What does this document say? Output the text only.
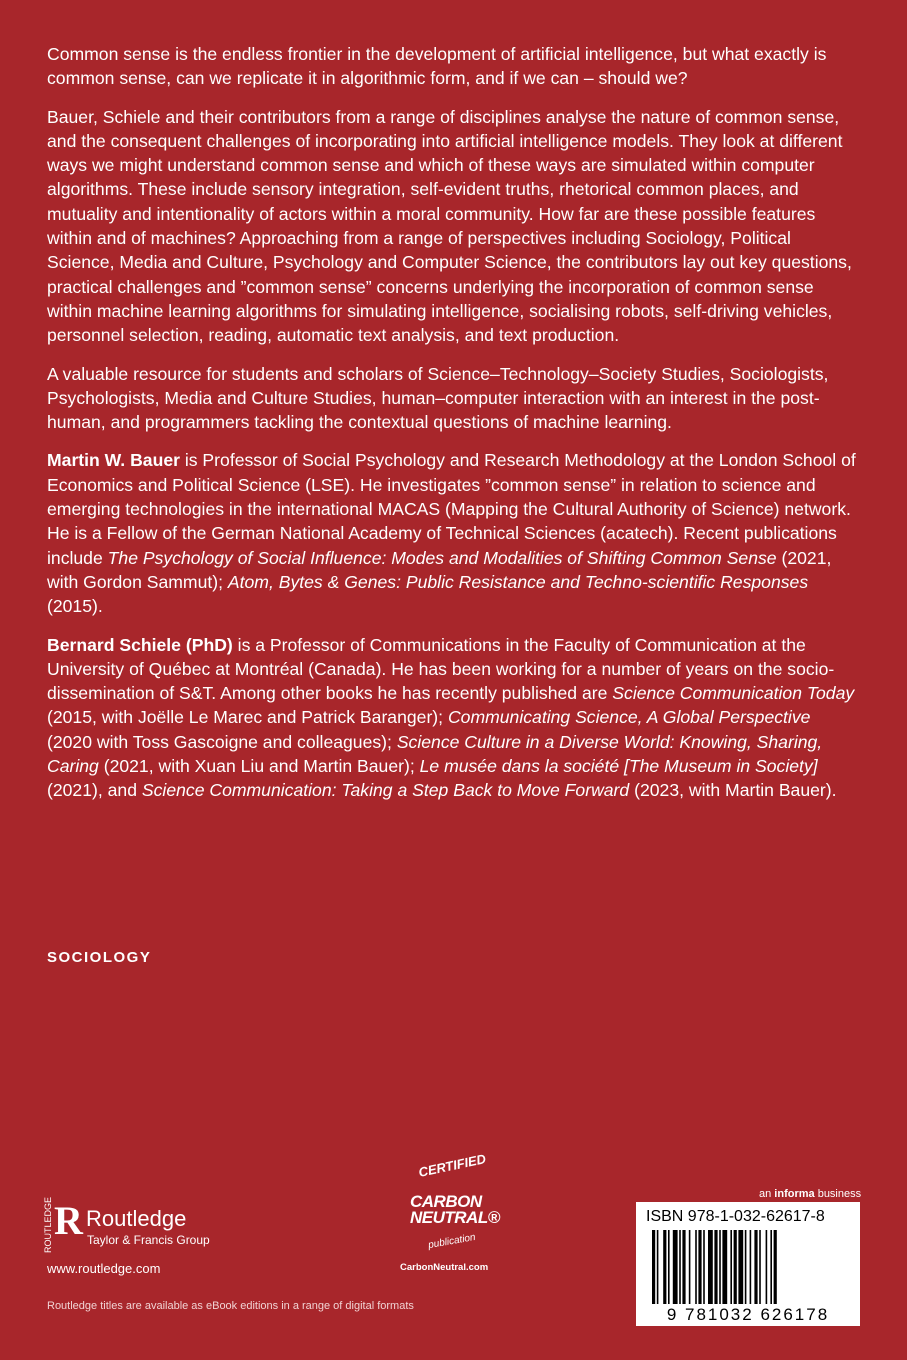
Common sense is the endless frontier in the development of artificial intelligence, but what exactly is common sense, can we replicate it in algorithmic form, and if we can – should we?

Bauer, Schiele and their contributors from a range of disciplines analyse the nature of common sense, and the consequent challenges of incorporating into artificial intelligence models. They look at different ways we might understand common sense and which of these ways are simulated within computer algorithms. These include sensory integration, self-evident truths, rhetorical common places, and mutuality and intentionality of actors within a moral community. How far are these possible features within and of machines? Approaching from a range of perspectives including Sociology, Political Science, Media and Culture, Psychology and Computer Science, the contributors lay out key questions, practical challenges and ”common sense” concerns underlying the incorporation of common sense within machine learning algorithms for simulating intelligence, socialising robots, self-driving vehicles, personnel selection, reading, automatic text analysis, and text production.

A valuable resource for students and scholars of Science–Technology–Society Studies, Sociologists, Psychologists, Media and Culture Studies, human–computer interaction with an interest in the post-human, and programmers tackling the contextual questions of machine learning.

Martin W. Bauer is Professor of Social Psychology and Research Methodology at the London School of Economics and Political Science (LSE). He investigates ”common sense” in relation to science and emerging technologies in the international MACAS (Mapping the Cultural Authority of Science) network. He is a Fellow of the German National Academy of Technical Sciences (acatech). Recent publications include The Psychology of Social Influence: Modes and Modalities of Shifting Common Sense (2021, with Gordon Sammut); Atom, Bytes & Genes: Public Resistance and Techno-scientific Responses (2015).

Bernard Schiele (PhD) is a Professor of Communications in the Faculty of Communication at the University of Québec at Montréal (Canada). He has been working for a number of years on the socio-dissemination of S&T. Among other books he has recently published are Science Communication Today (2015, with Joëlle Le Marec and Patrick Baranger); Communicating Science, A Global Perspective (2020 with Toss Gascoigne and colleagues); Science Culture in a Diverse World: Knowing, Sharing, Caring (2021, with Xuan Liu and Martin Bauer); Le musée dans la société [The Museum in Society] (2021), and Science Communication: Taking a Step Back to Move Forward (2023, with Martin Bauer).

SOCIOLOGY
ROUTLEDGE R Routledge
Taylor & Francis Group
www.routledge.com
Routledge titles are available as eBook editions in a range of digital formats
CERTIFIED
CARBON
NEUTRAL®
publication
CarbonNeutral.com
an informa business
ISBN 978-1-032-62617-8
9 781032 626178
